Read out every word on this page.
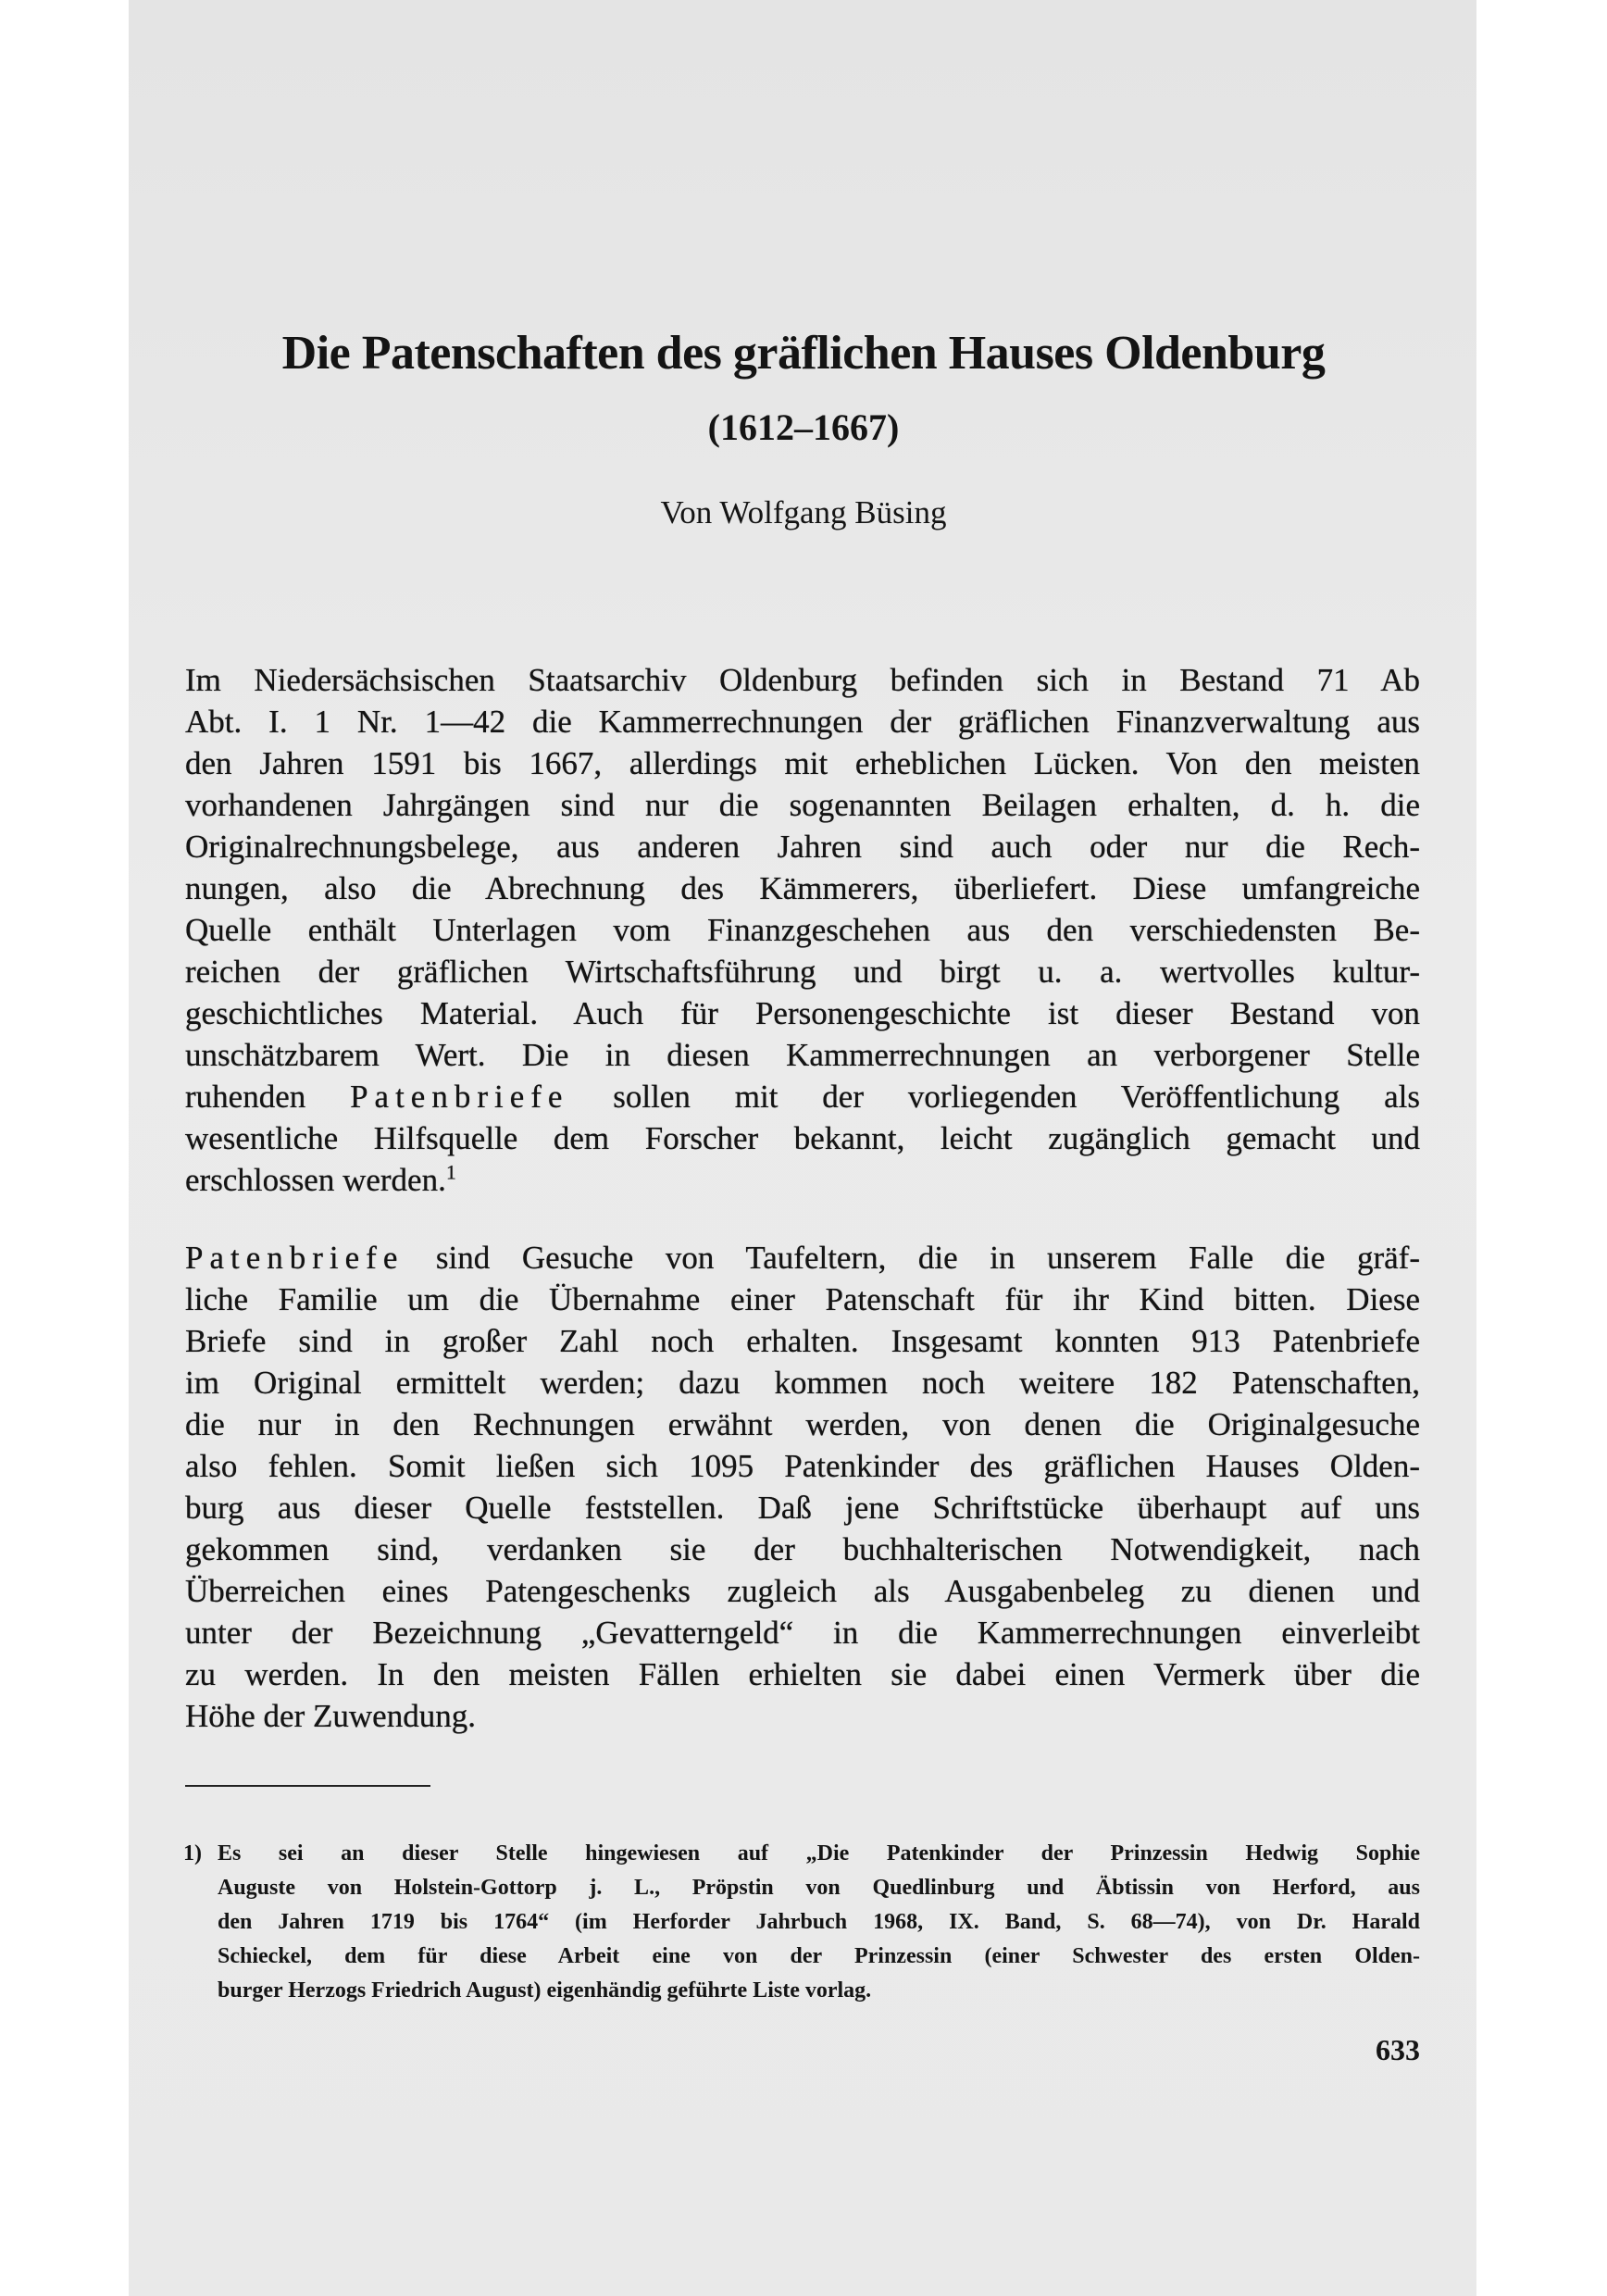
Die Patenschaften des gräflichen Hauses Oldenburg
(1612–1667)
Von Wolfgang Büsing
Im Niedersächsischen Staatsarchiv Oldenburg befinden sich in Bestand 71 Ab
Abt. I. 1 Nr. 1—42 die Kammerrechnungen der gräflichen Finanzverwaltung aus
den Jahren 1591 bis 1667, allerdings mit erheblichen Lücken. Von den meisten
vorhandenen Jahrgängen sind nur die sogenannten Beilagen erhalten, d. h. die
Originalrechnungsbelege, aus anderen Jahren sind auch oder nur die Rech-
nungen, also die Abrechnung des Kämmerers, überliefert. Diese umfangreiche
Quelle enthält Unterlagen vom Finanzgeschehen aus den verschiedensten Be-
reichen der gräflichen Wirtschaftsführung und birgt u. a. wertvolles kultur-
geschichtliches Material. Auch für Personengeschichte ist dieser Bestand von
unschätzbarem Wert. Die in diesen Kammerrechnungen an verborgener Stelle
ruhenden Patenbriefe sollen mit der vorliegenden Veröffentlichung als
wesentliche Hilfsquelle dem Forscher bekannt, leicht zugänglich gemacht und
erschlossen werden.$^1$
Patenbriefe sind Gesuche von Taufeltern, die in unserem Falle die gräf-
liche Familie um die Übernahme einer Patenschaft für ihr Kind bitten. Diese
Briefe sind in großer Zahl noch erhalten. Insgesamt konnten 913 Patenbriefe
im Original ermittelt werden; dazu kommen noch weitere 182 Patenschaften,
die nur in den Rechnungen erwähnt werden, von denen die Originalgesuche
also fehlen. Somit ließen sich 1095 Patenkinder des gräflichen Hauses Olden-
burg aus dieser Quelle feststellen. Daß jene Schriftstücke überhaupt auf uns
gekommen sind, verdanken sie der buchhalterischen Notwendigkeit, nach
Überreichen eines Patengeschenks zugleich als Ausgabenbeleg zu dienen und
unter der Bezeichnung „Gevatterngeld“ in die Kammerrechnungen einverleibt
zu werden. In den meisten Fällen erhielten sie dabei einen Vermerk über die
Höhe der Zuwendung.
1) Es sei an dieser Stelle hingewiesen auf „Die Patenkinder der Prinzessin Hedwig Sophie
Auguste von Holstein-Gottorp j. L., Pröpstin von Quedlinburg und Äbtissin von Herford, aus
den Jahren 1719 bis 1764“ (im Herforder Jahrbuch 1968, IX. Band, S. 68—74), von Dr. Harald
Schieckel, dem für diese Arbeit eine von der Prinzessin (einer Schwester des ersten Olden-
burger Herzogs Friedrich August) eigenhändig geführte Liste vorlag.
633
